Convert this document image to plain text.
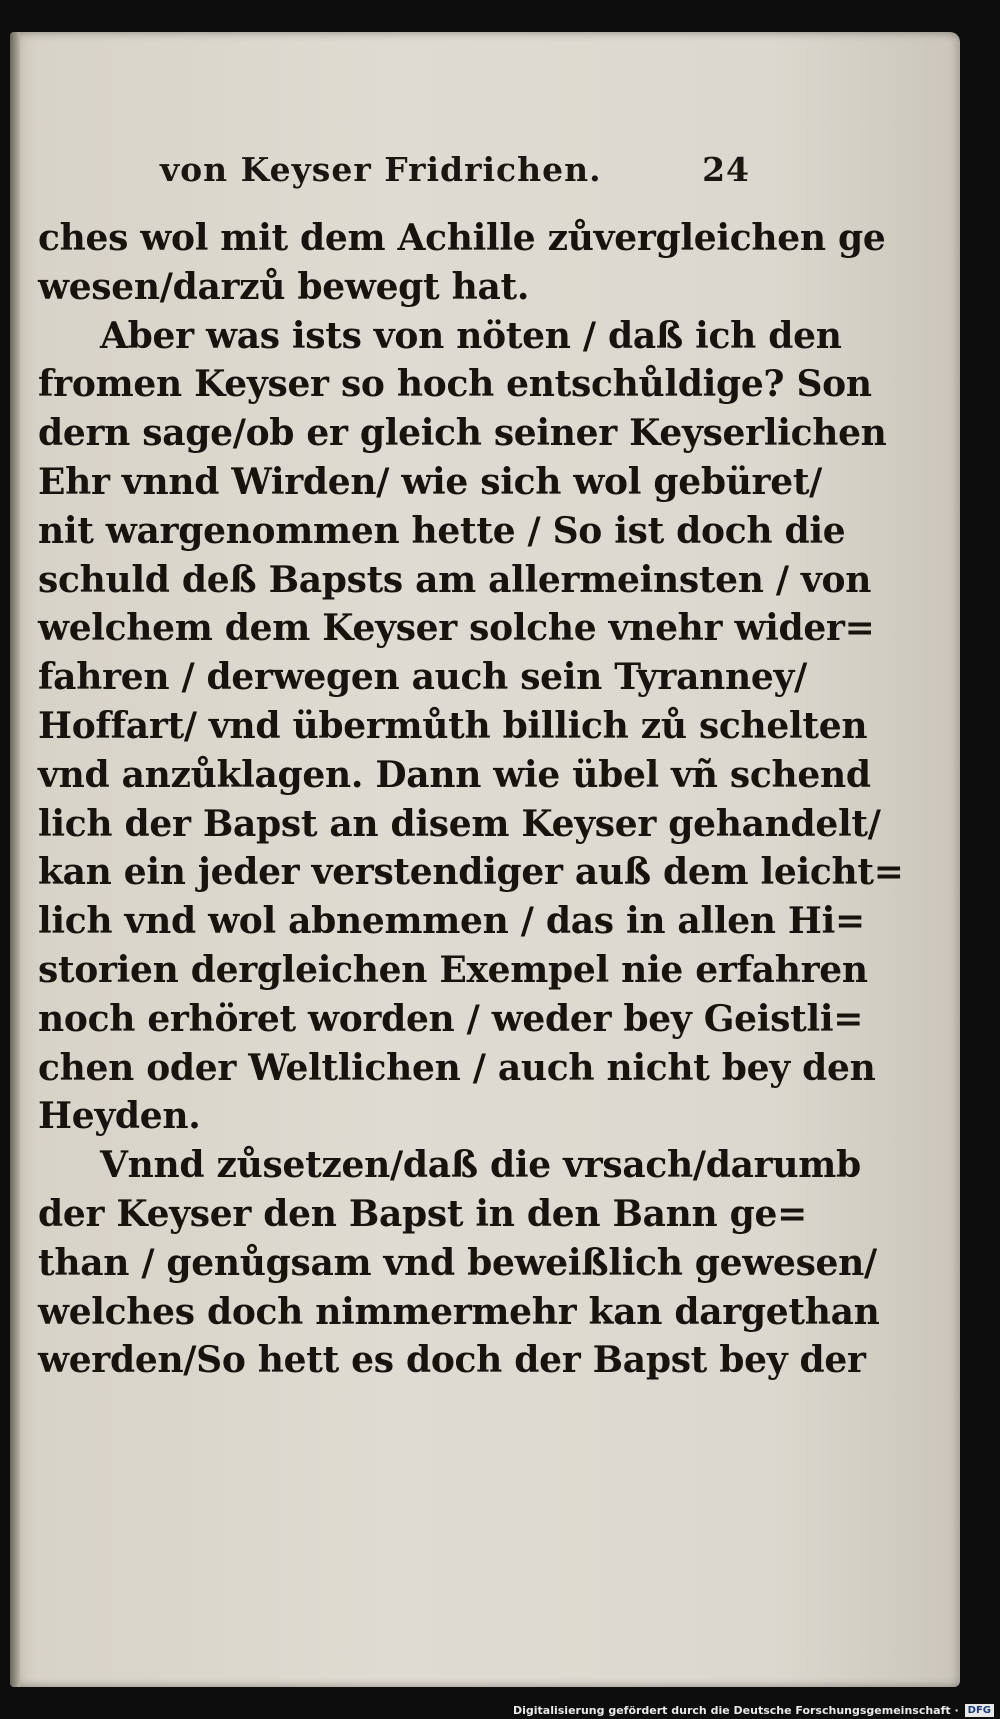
von Keyser Fridrichen.	24
ches wol mit dem Achille zůvergleichen ge
wesen/darzů bewegt hat.
Aber was ists von nöten / daß ich den
fromen Keyser so hoch entschůldige? Son
dern sage/ob er gleich seiner Keyserlichen
Ehr vnnd Wirden/ wie sich wol gebüret/
nit wargenommen hette / So ist doch die
schuld deß Bapsts am allermeinsten / von
welchem dem Keyser solche vnehr wider=
fahren / derwegen auch sein Tyranney/
Hoffart/ vnd übermůth billich zů schelten
vnd anzůklagen. Dann wie übel vñ schend
lich der Bapst an disem Keyser gehandelt/
kan ein jeder verstendiger auß dem leicht=
lich vnd wol abnemmen / das in allen Hi=
storien dergleichen Exempel nie erfahren
noch erhöret worden / weder bey Geistli=
chen oder Weltlichen / auch nicht bey den
Heyden.
Vnnd zůsetzen/daß die vrsach/darumb
der Keyser den Bapst in den Bann ge=
than / genůgsam vnd beweißlich gewesen/
welches doch nimmermehr kan dargethan
werden/So hett es doch der Bapst bey der
Digitalisierung gefördert durch die Deutsche Forschungsgemeinschaft · DFG
